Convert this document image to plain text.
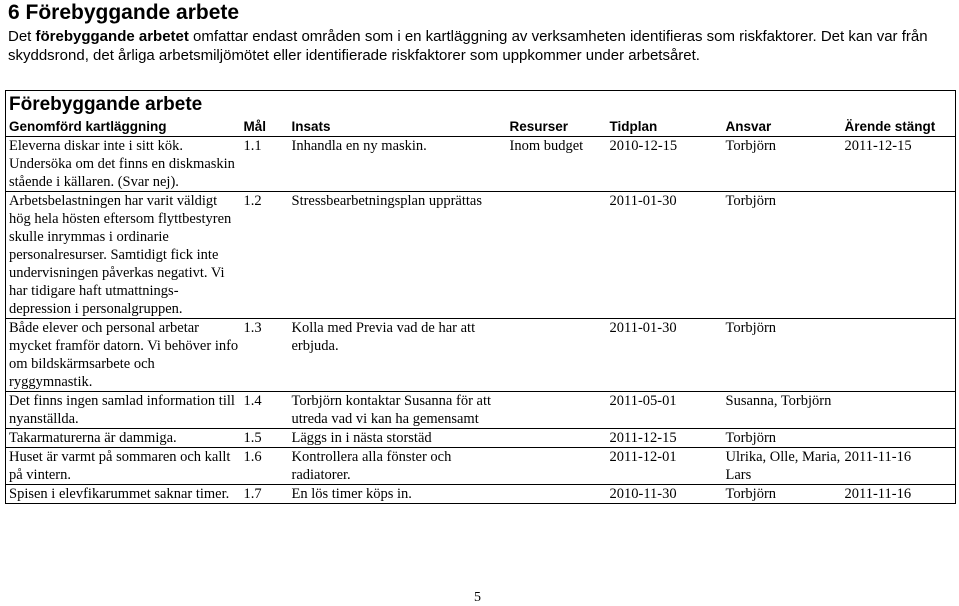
6 Förebyggande arbete

Det förebyggande arbetet omfattar endast områden som i en kartläggning av verksamheten identifieras som riskfaktorer. Det kan var från skyddsrond, det årliga arbetsmiljömötet eller identifierade riskfaktorer som uppkommer under arbetsåret.

Förebyggande arbete						
Genomförd kartläggning	Mål	Insats	Resurser	Tidplan	Ansvar	Ärende stängt
Eleverna diskar inte i sitt kök. Undersöka om det finns en diskmaskin stående i källaren. (Svar nej).	1.1	Inhandla en ny maskin.	Inom budget	2010-12-15	Torbjörn	2011-12-15
Arbetsbelastningen har varit väldigt hög hela hösten eftersom flyttbestyren skulle inrymmas i ordinarie personalresurser. Samtidigt fick inte undervisningen påverkas negativt. Vi har tidigare haft utmattnings-depression i personalgruppen.	1.2	Stressbearbetningsplan upprättas		2011-01-30	Torbjörn	
Både elever och personal arbetar mycket framför datorn. Vi behöver info om bildskärmsarbete och ryggymnastik.	1.3	Kolla med Previa vad de har att erbjuda.		2011-01-30	Torbjörn	
Det finns ingen samlad information till nyanställda.	1.4	Torbjörn kontaktar Susanna för att utreda vad vi kan ha gemensamt		2011-05-01	Susanna, Torbjörn	
Takarmaturerna är dammiga.	1.5	Läggs in i nästa storstäd		2011-12-15	Torbjörn	
Huset är varmt på sommaren och kallt på vintern.	1.6	Kontrollera alla fönster och radiatorer.		2011-12-01	Ulrika, Olle, Maria, Lars	2011-11-16
Spisen i elevfikarummet saknar timer.	1.7	En lös timer köps in.		2010-11-30	Torbjörn	2011-11-16

5
